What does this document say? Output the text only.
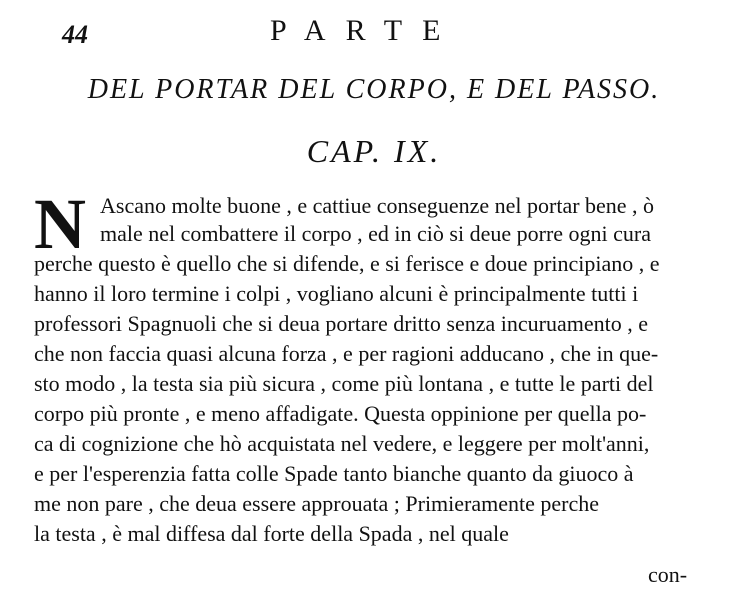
44	PARTE
DEL PORTAR DEL CORPO, E DEL PASSO.
CAP. IX.
N Ascano molte buone , e cattiue conseguenze nel portar bene , ò
male nel combattere il corpo , ed in ciò si deue porre ogni cura
perche questo è quello che si difende, e si ferisce e doue principiano , e
hanno il loro termine i colpi , vogliano alcuni è principalmente tutti i
professori Spagnuoli che si deua portare dritto senza incuruamento , e
che non faccia quasi alcuna forza , e per ragioni adducano , che in que-
sto modo , la testa sia più sicura , come più lontana , e tutte le parti del
corpo più pronte , e meno affadigate. Questa oppinione per quella po-
ca di cognizione che hò acquistata nel vedere, e leggere per molt'anni,
e per l'esperenzia fatta colle Spade tanto bianche quanto da giuoco à
me non pare , che deua essere approuata ; Primieramente perche
la testa , è mal diffesa dal forte della Spada , nel quale
con-
